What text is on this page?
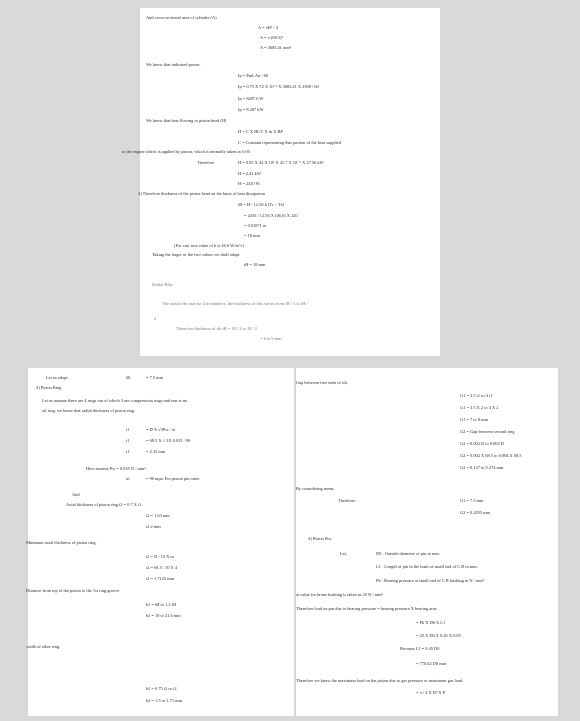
And cross-sectional area of cylinder (A)
A = πD² / 4
A = π (68.5)²
A = 3683.41 mm²
We know that indicated power,
Ip = PmLAn / 60
Ip = 0.75 X 72 X 10⁻³ X 3683.41 X 2500 / 60
Ip = 8287.6 W
Ip = 8.287 kW
We know that heat flowing to piston head (H)
H = C X HCV X m X BP
C = Constant representing that portion of the heat supplied
to the engine which is applied by piston, which is normally taken as 0.05.
Therefore	H = 0.05 X 42 X 10³ X 41.7 X 10⁻⁶ X 27.56 kW
H = 2.41 kW
H = 2410 W
2) Therefore thickness of the piston head on the basis of heat dissipation
tH = H / 12.56 k (Tc − Te)
= 2410 / 12.56 X (46.6) X 220
= 0.01871 m
= 18 mm
(For cast iron value of k is 46.6 W/m°c)
Taking the larger or the two values we shall adopt
tH = 18 mm
Radial Ribs -
The radial ribs may be 4 in numbers, the thickness of ribs varies from tH / 3 to tH /
2
Therefore thickness of rib tR = 18 / 3 to 18 / 2
= 6 to 9 mm
Let us adopt	tR	= 7.5 mm
3) Piston Ring
Let us assume there are 4 rings out of which 3 are compression rings and one is an
oil ring, we know that radial thickness of piston ring.
t1	= D X √3Pw / σt
t1	= 68.5 X √ 3X 0.035 / 90
t1	= 2.33 mm
Here assume Pw = 0.035 N / mm²,
σt	= 90 mpa. For piston pin outer
And
Axial thickness of piston ring t2 = 0.7 X t1
t2 = 1.63 mm
t2 2 mm
Minimum axial thickness of piston ring,
t2 = D / 10 X nr
t2 = 68.5 / 10 X 4
t2 = 1.7125 mm
Distance from top of the piston to the 1st ring groove
b1 = tH to 1.2 tH
b1 = 18 to 21.6 mm
width of other ring,
b2 = 0.75 t2 or t2
b2 = 1.5 or 1.71 mm
Gap between free ends of rib,
G1 = 3.5 t1 to 4 t1
G1 = 3.5 X 2 to 4 X 2
G1 = 7 to 8 mm
G2 = Gap between second ring
G2 = 0.002 D to 0.004 D
G2 = 0.002 X 68.5 to 0.004 X 68.5
G2 = 0.137 to 0.274 mm
By considering mean,
Therefore	G1 = 7.5 mm
G2 = 0.2055 mm
4) Piston Pin,
Let,	D0 : Outside diameter of pin in mm.
L1 : Length of pin in the bush of small end of C.R in mm.
Pb : Bearing pressure at small end of C.R bushing in N / mm²
at value for bronz bushing is taken as 25 N / mm²
Therefore load on pin due to bearing pressure = bearing pressure X bearing area
= Pb X D0 X L1
= 25 X D0 X 0.45 X 0.85
Because L1 = 0.45 D0
= 770.62 D0 mm
Therefore we know the maximum load on the piston due to gas pressure or maximum gas load.
= π / 4 X D² X P
